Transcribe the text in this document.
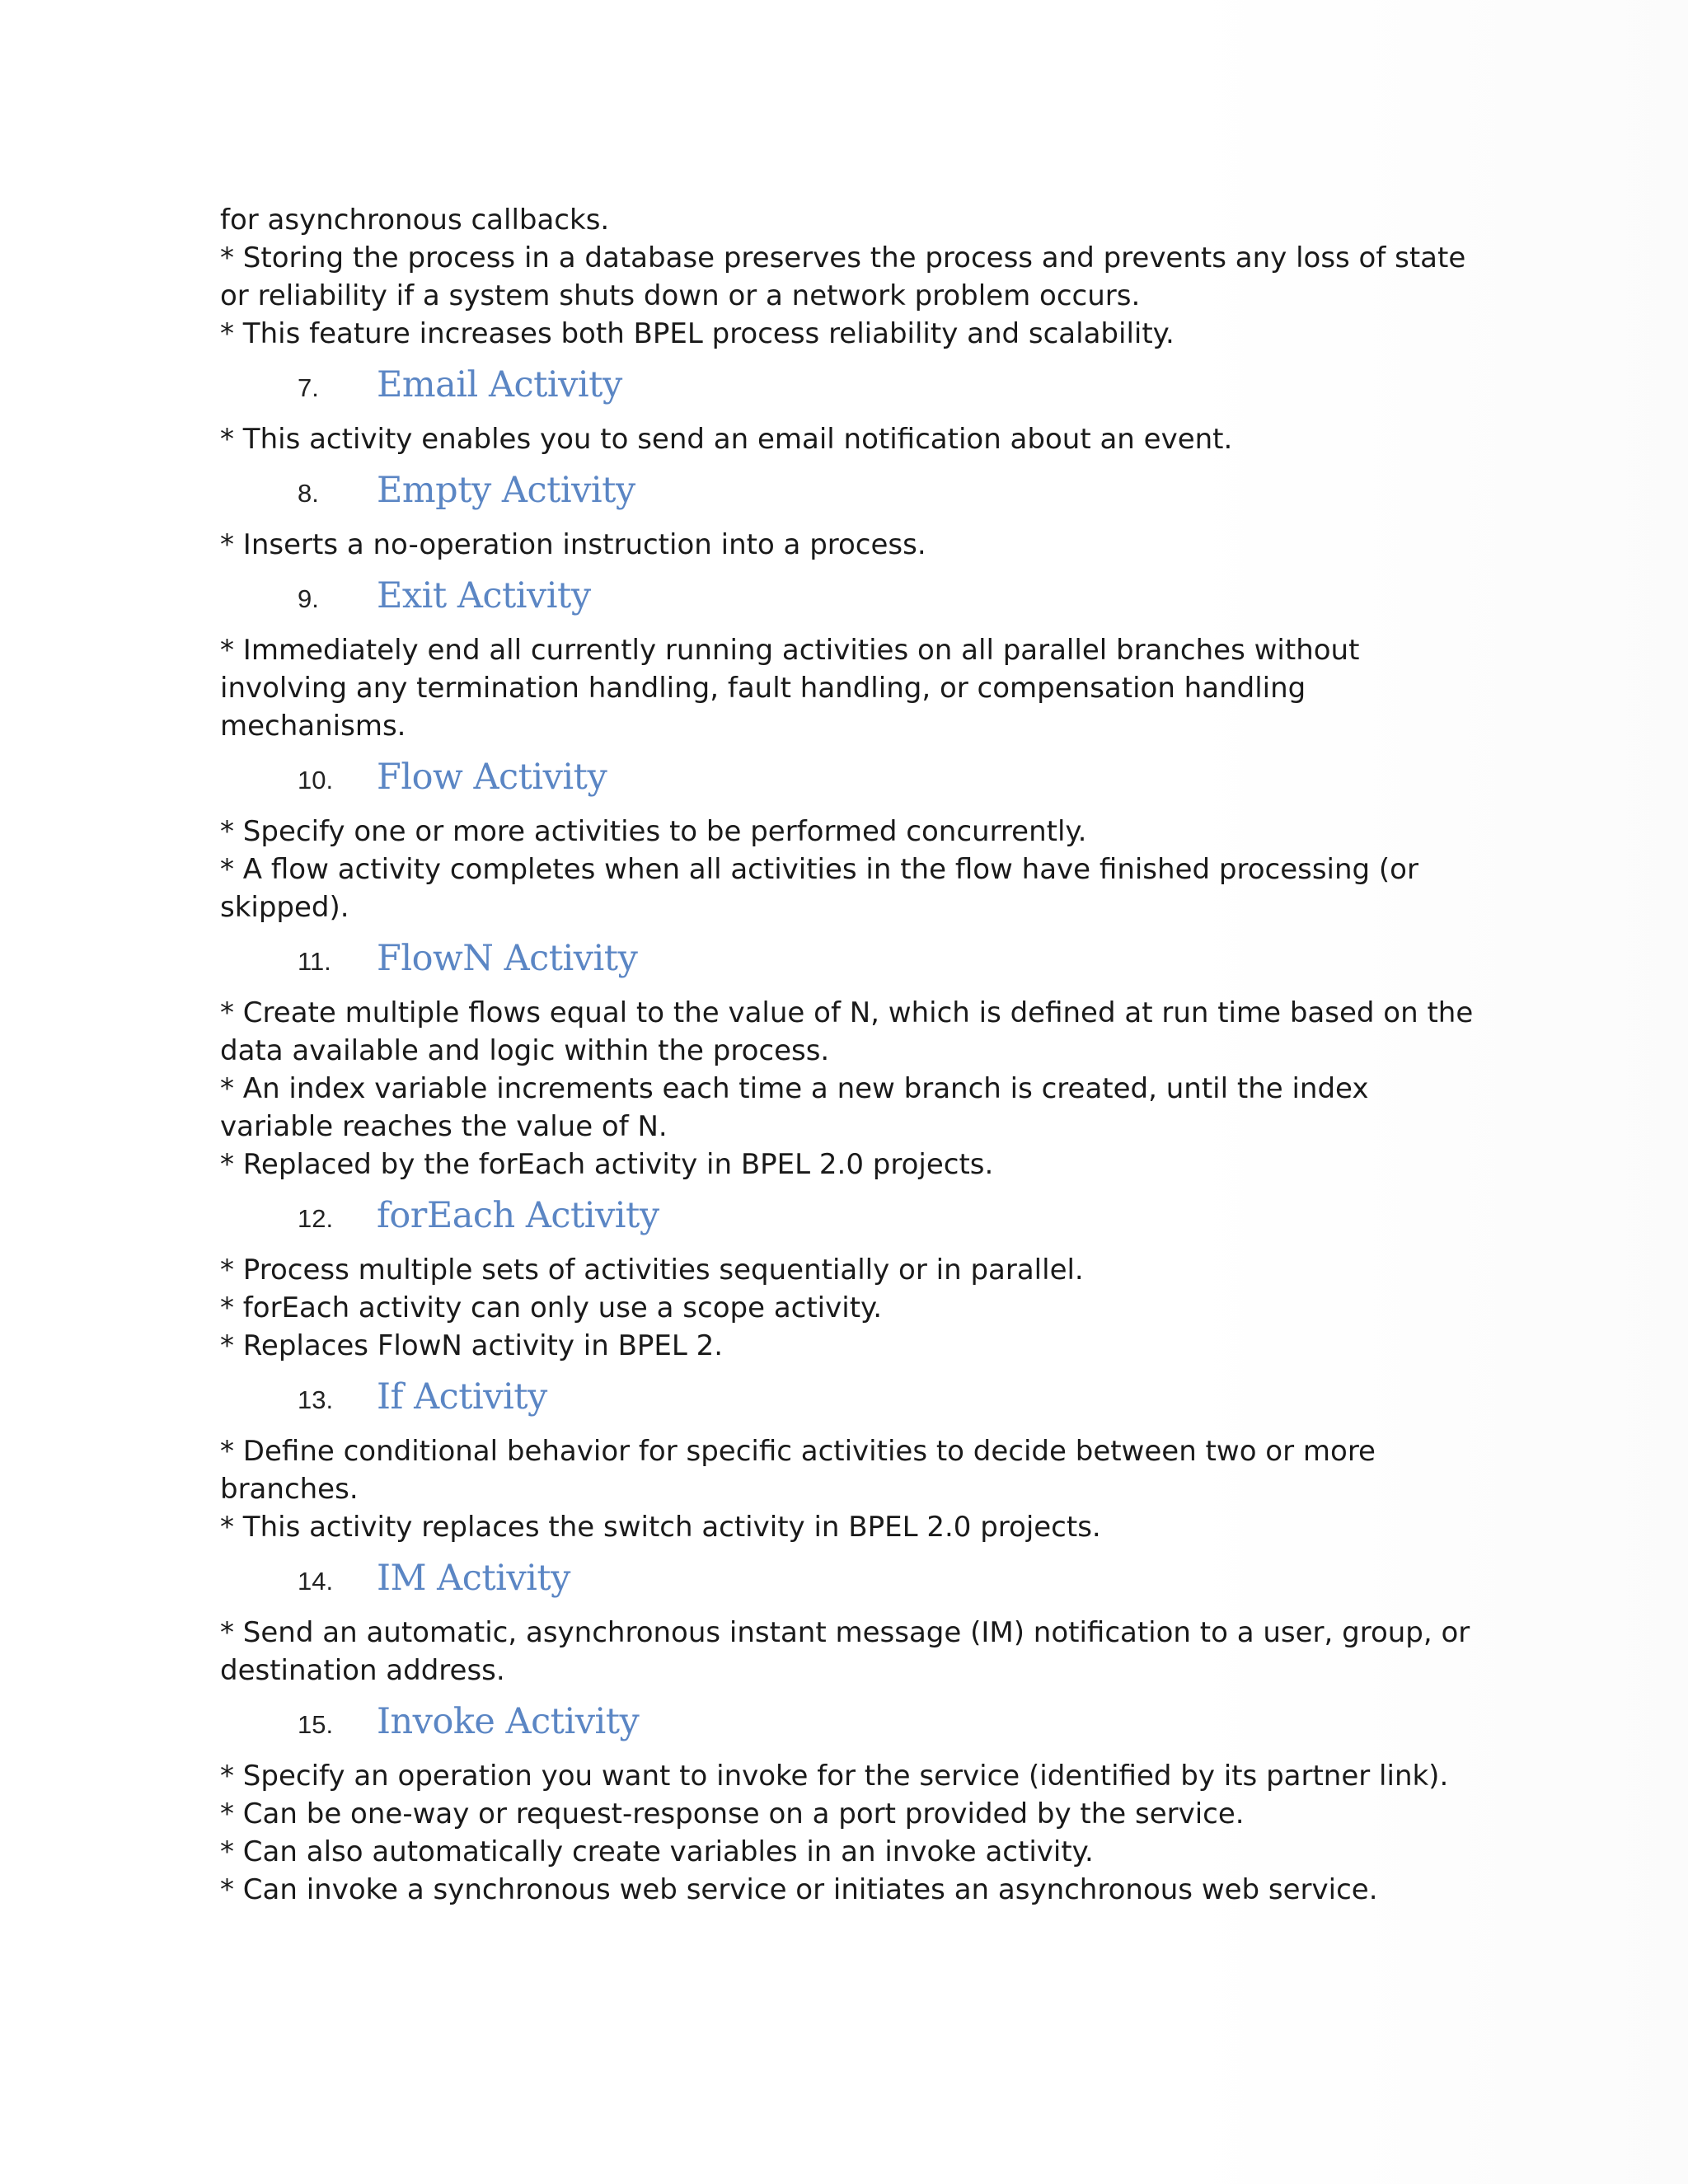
for asynchronous callbacks.

* Storing the process in a database preserves the process and prevents any loss of state

or reliability if a system shuts down or a network problem occurs.

* This feature increases both BPEL process reliability and scalability.

7.	Email Activity

* This activity enables you to send an email notification about an event.

8.	Empty Activity

* Inserts a no-operation instruction into a process.

9.	Exit Activity

* Immediately end all currently running activities on all parallel branches without

involving any termination handling, fault handling, or compensation handling

mechanisms.

10.	Flow Activity

* Specify one or more activities to be performed concurrently.

* A flow activity completes when all activities in the flow have finished processing (or

skipped).

11.	FlowN Activity

* Create multiple flows equal to the value of N, which is defined at run time based on the

data available and logic within the process.

* An index variable increments each time a new branch is created, until the index

variable reaches the value of N.

* Replaced by the forEach activity in BPEL 2.0 projects.

12.	forEach Activity

* Process multiple sets of activities sequentially or in parallel.

* forEach activity can only use a scope activity.

* Replaces FlowN activity in BPEL 2.

13.	If Activity

* Define conditional behavior for specific activities to decide between two or more

branches.

* This activity replaces the switch activity in BPEL 2.0 projects.

14.	IM Activity

* Send an automatic, asynchronous instant message (IM) notification to a user, group, or

destination address.

15.	Invoke Activity

* Specify an operation you want to invoke for the service (identified by its partner link).

* Can be one-way or request-response on a port provided by the service.

* Can also automatically create variables in an invoke activity.

* Can invoke a synchronous web service or initiates an asynchronous web service.
